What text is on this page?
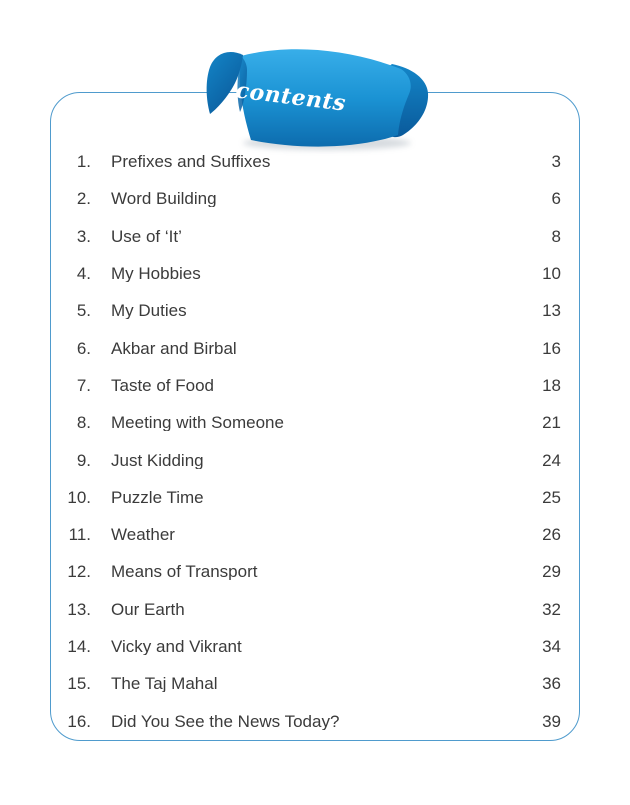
1. Prefixes and Suffixes	3
2. Word Building	6
3. Use of ‘It’	8
4. My Hobbies	10
5. My Duties	13
6. Akbar and Birbal	16
7. Taste of Food	18
8. Meeting with Someone	21
9. Just Kidding	24
10. Puzzle Time	25
11. Weather	26
12. Means of Transport	29
13. Our Earth	32
14. Vicky and Vikrant	34
15. The Taj Mahal	36
16. Did You See the News Today?	39
contents
